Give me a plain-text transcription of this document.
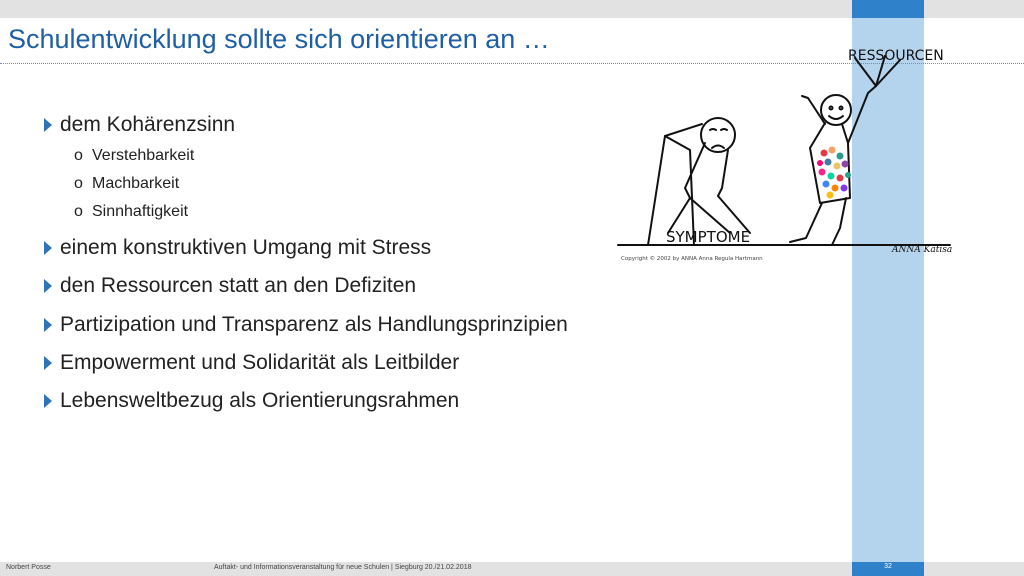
Schulentwicklung sollte sich orientieren an …
dem Kohärenzsinn
o Verstehbarkeit
o Machbarkeit
o Sinnhaftigkeit
einem konstruktiven Umgang mit Stress
den Ressourcen statt an den Defiziten
Partizipation und Transparenz als Handlungsprinzipien
Empowerment und Solidarität als Leitbilder
Lebensweltbezug als Orientierungsrahmen
SYMPTOME
RESSOURCEN
ANNA Katisa
Copyright © 2002 by ANNA Anna Regula Hartmann
Norbert Posse	Auftakt- und Informationsveranstaltung für neue Schulen | Siegburg 20./21.02.2018	32
